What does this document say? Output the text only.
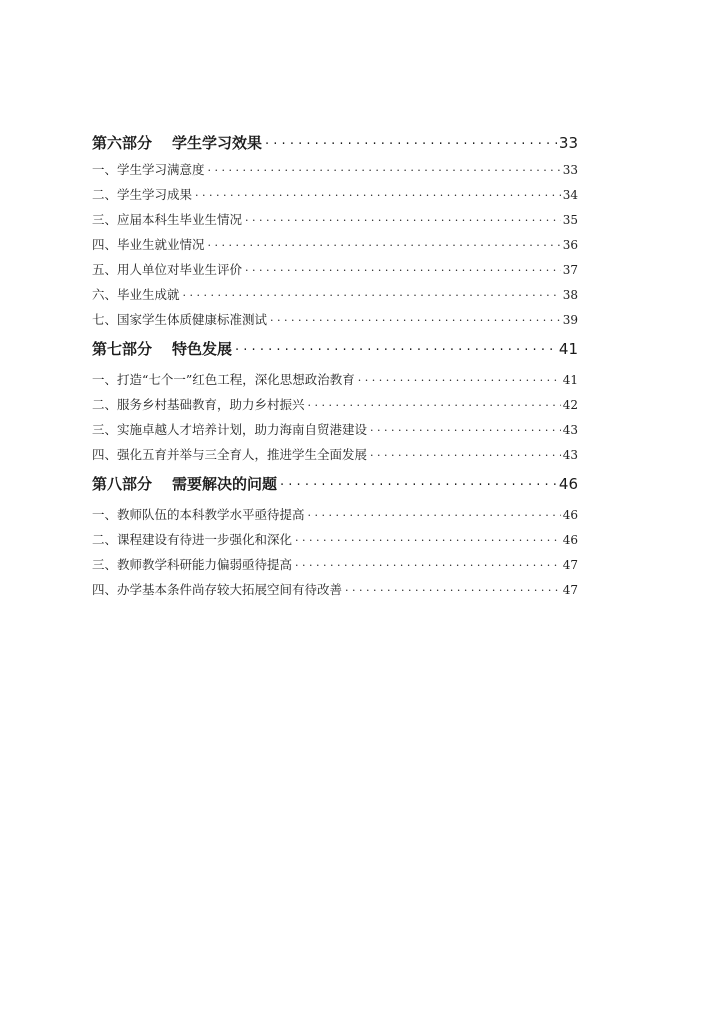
第六部分 学生学习效果 . . .	33
一、学生学习满意度 . . .	33
二、学生学习成果 . . .	34
三、应届本科生毕业生情况 . . .	35
四、毕业生就业情况 . . .	36
五、用人单位对毕业生评价 . . .	37
六、毕业生成就 . . .	38
七、国家学生体质健康标准测试 . . .	39
第七部分 特色发展 . . .	41
一、打造“七个一”红色工程，深化思想政治教育 . . .	41
二、服务乡村基础教育，助力乡村振兴 . . .	42
三、实施卓越人才培养计划，助力海南自贸港建设 . . .	43
四、强化五育并举与三全育人，推进学生全面发展 . . .	43
第八部分 需要解决的问题 . . .	46
一、教师队伍的本科教学水平亟待提高 . . .	46
二、课程建设有待进一步强化和深化 . . .	46
三、教师教学科研能力偏弱亟待提高 . . .	47
四、办学基本条件尚存较大拓展空间有待改善 . . .	47
